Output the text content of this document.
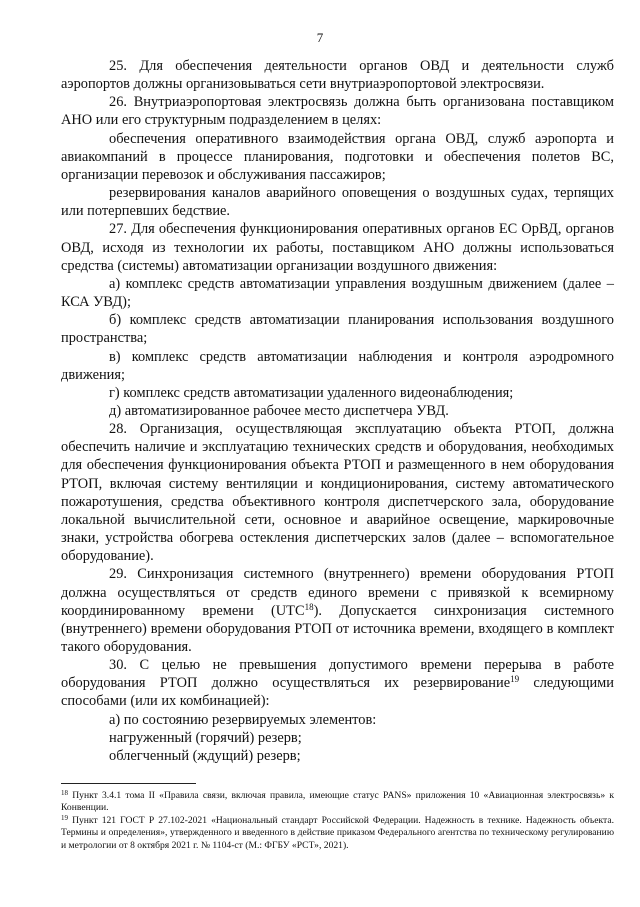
7

25. Для обеспечения деятельности органов ОВД и деятельности служб аэропортов должны организовываться сети внутриаэропортовой электросвязи.

26. Внутриаэропортовая электросвязь должна быть организована поставщиком АНО или его структурным подразделением в целях:

обеспечения оперативного взаимодействия органа ОВД, служб аэропорта и авиакомпаний в процессе планирования, подготовки и обеспечения полетов ВС, организации перевозок и обслуживания пассажиров;

резервирования каналов аварийного оповещения о воздушных судах, терпящих или потерпевших бедствие.

27. Для обеспечения функционирования оперативных органов ЕС ОрВД, органов ОВД, исходя из технологии их работы, поставщиком АНО должны использоваться средства (системы) автоматизации организации воздушного движения:

а) комплекс средств автоматизации управления воздушным движением (далее – КСА УВД);

б) комплекс средств автоматизации планирования использования воздушного пространства;

в) комплекс средств автоматизации наблюдения и контроля аэродромного движения;

г) комплекс средств автоматизации удаленного видеонаблюдения;

д) автоматизированное рабочее место диспетчера УВД.

28. Организация, осуществляющая эксплуатацию объекта РТОП, должна обеспечить наличие и эксплуатацию технических средств и оборудования, необходимых для обеспечения функционирования объекта РТОП и размещенного в нем оборудования РТОП, включая систему вентиляции и кондиционирования, систему автоматического пожаротушения, средства объективного контроля диспетчерского зала, оборудование локальной вычислительной сети, основное и аварийное освещение, маркировочные знаки, устройства обогрева остекления диспетчерских залов (далее – вспомогательное оборудование).

29. Синхронизация системного (внутреннего) времени оборудования РТОП должна осуществляться от средств единого времени с привязкой к всемирному координированному времени (UTC$^{18}$). Допускается синхронизация системного (внутреннего) времени оборудования РТОП от источника времени, входящего в комплект такого оборудования.

30. С целью не превышения допустимого времени перерыва в работе оборудования РТОП должно осуществляться их резервирование$^{19}$ следующими способами (или их комбинацией):

а) по состоянию резервируемых элементов:

нагруженный (горячий) резерв;

облегченный (ждущий) резерв;

$^{18}$ Пункт 3.4.1 тома II «Правила связи, включая правила, имеющие статус PANS» приложения 10 «Авиационная электросвязь» к Конвенции.

$^{19}$ Пункт 121 ГОСТ Р 27.102-2021 «Национальный стандарт Российской Федерации. Надежность в технике. Надежность объекта. Термины и определения», утвержденного и введенного в действие приказом Федерального агентства по техническому регулированию и метрологии от 8 октября 2021 г. № 1104-ст (М.: ФГБУ «РСТ», 2021).
